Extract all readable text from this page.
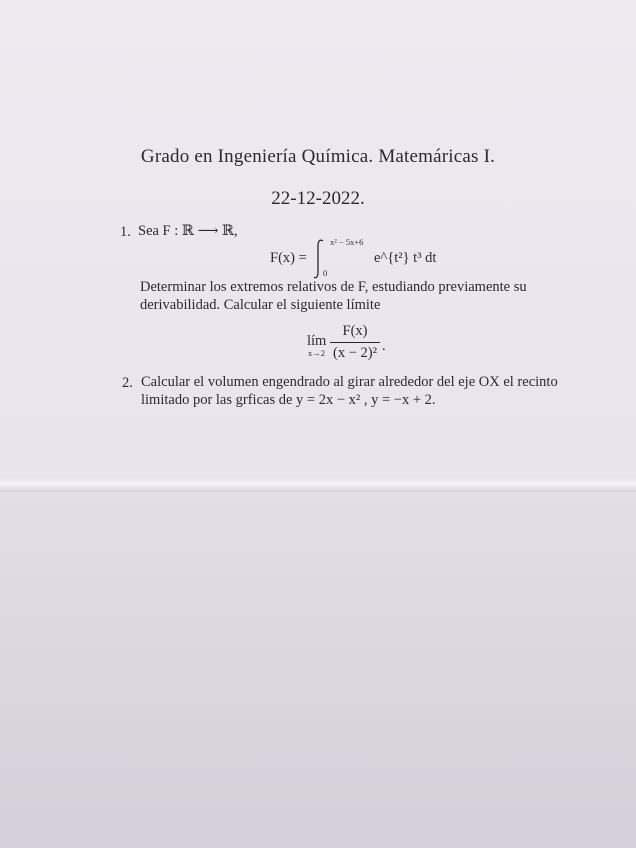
Grado en Ingeniería Química. Matemáricas I.
22-12-2022.
1. Sea F : ℝ ⟶ ℝ,
F(x) =
x² − 5x+6
0
e^{t²} t³ dt
Determinar los extremos relativos de F, estudiando previamente su
derivabilidad. Calcular el siguiente límite
lím
x→2
F(x)
(x − 2)² .
2. Calcular el volumen engendrado al girar alrededor del eje OX el recinto
limitado por las grficas de y = 2x − x² , y = −x + 2.
